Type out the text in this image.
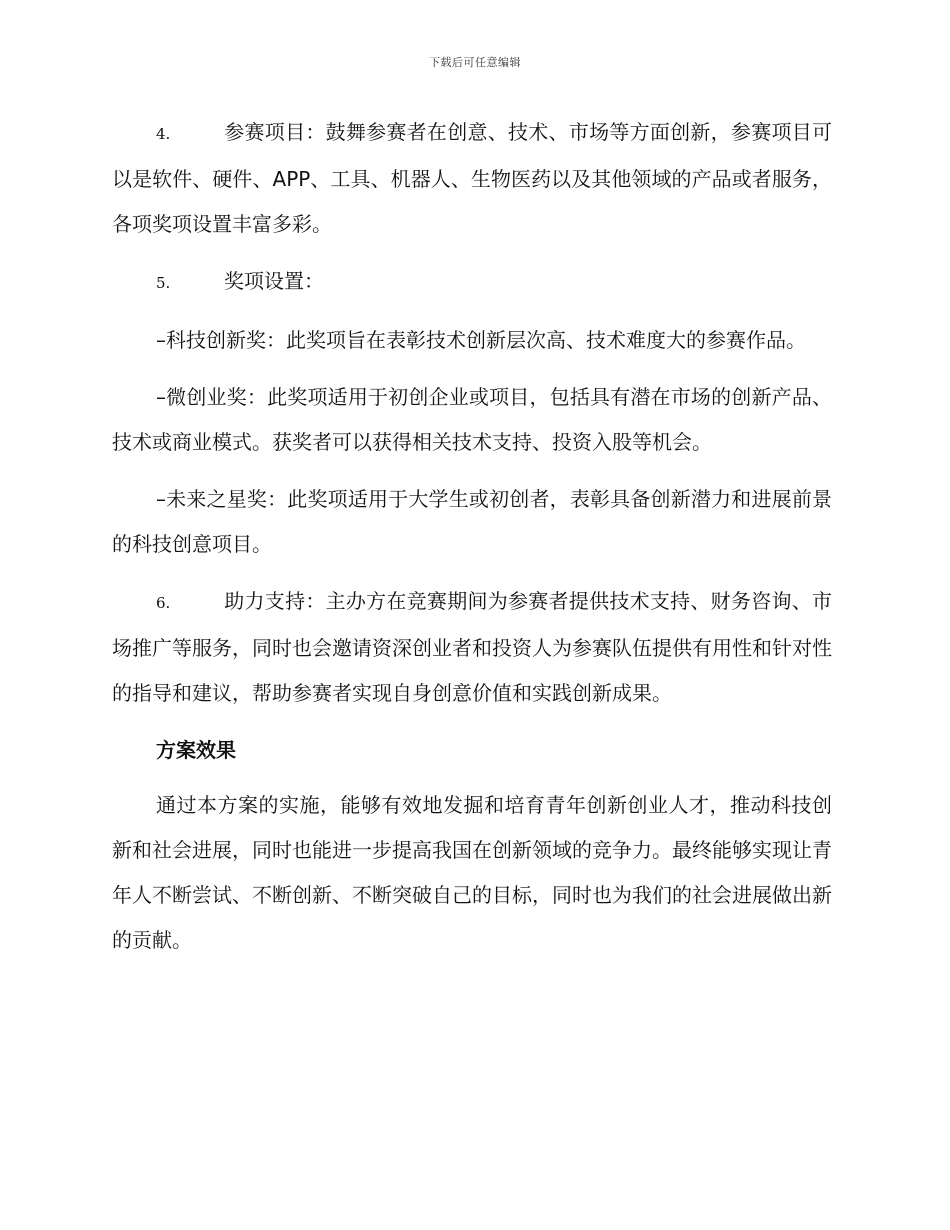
下载后可任意编辑

4.	参赛项目：鼓舞参赛者在创意、技术、市场等方面创新，参赛项目可以是软件、硬件、APP、工具、机器人、生物医药以及其他领域的产品或者服务，各项奖项设置丰富多彩。

5.	奖项设置：

–科技创新奖：此奖项旨在表彰技术创新层次高、技术难度大的参赛作品。

–微创业奖：此奖项适用于初创企业或项目，包括具有潜在市场的创新产品、技术或商业模式。获奖者可以获得相关技术支持、投资入股等机会。

–未来之星奖：此奖项适用于大学生或初创者，表彰具备创新潜力和进展前景的科技创意项目。

6.	助力支持：主办方在竞赛期间为参赛者提供技术支持、财务咨询、市场推广等服务，同时也会邀请资深创业者和投资人为参赛队伍提供有用性和针对性的指导和建议，帮助参赛者实现自身创意价值和实践创新成果。

方案效果

通过本方案的实施，能够有效地发掘和培育青年创新创业人才，推动科技创新和社会进展，同时也能进一步提高我国在创新领域的竞争力。最终能够实现让青年人不断尝试、不断创新、不断突破自己的目标，同时也为我们的社会进展做出新的贡献。
